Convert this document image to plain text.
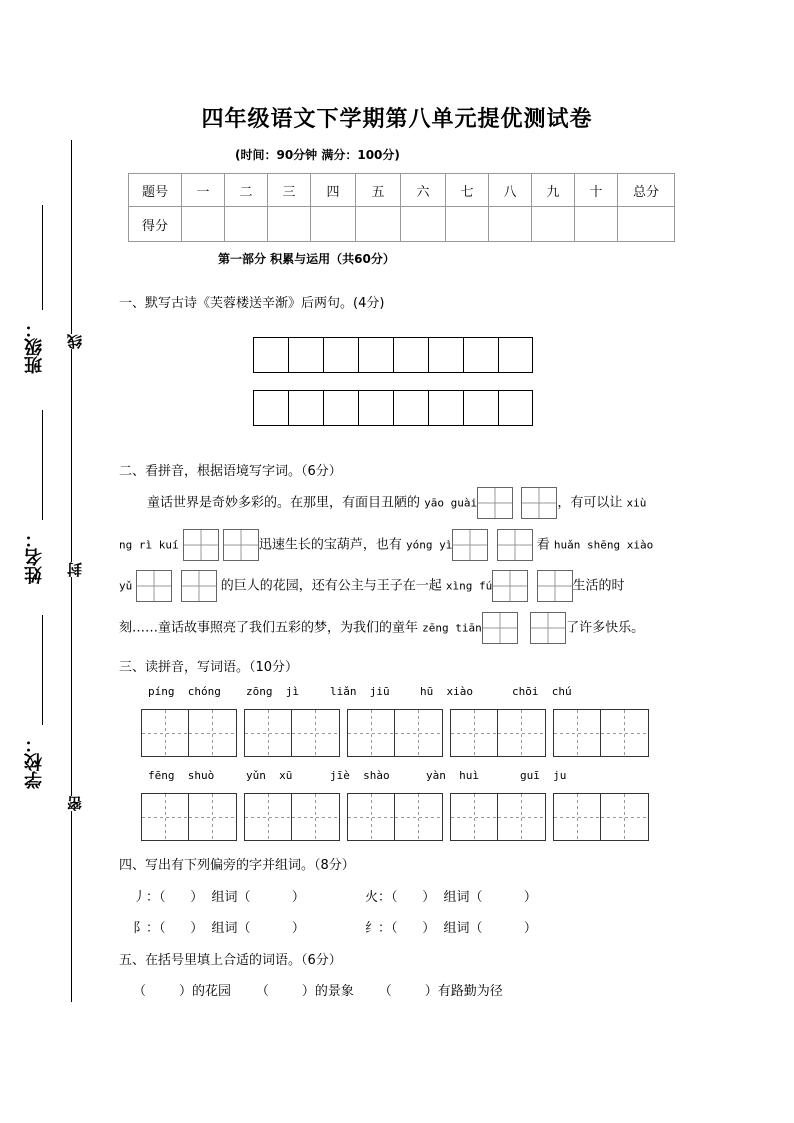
线
封
密
班级：
姓名：
学校：
四年级语文下学期第八单元提优测试卷
(时间：90分钟 满分：100分)
题号	一	二	三	四	五	六	七	八	九	十	总分
得分											
第一部分 积累与运用（共60分）
一、默写古诗《芙蓉楼送辛渐》后两句。(4分)
二、看拼音，根据语境写字词。（6分）
童话世界是奇妙多彩的。在那里，有面目丑陋的 yāo guài	，有可以让 xiù
ng rì kuí	迅速生长的宝葫芦，也有 yóng yì	看 huǎn shēng xiào
yǔ	的巨人的花园，还有公主与王子在一起 xìng fú	生活的时
刻……童话故事照亮了我们五彩的梦，为我们的童年 zēng tiān	了许多快乐。
三、读拼音，写词语。（10分）
píng  chóng zōng  jì	liǎn  jiū	hū  xiào	chōi  chú
fēng  shuò	yǔn  xū	jīè  shào	yàn  huì	guī  ju
四、写出有下列偏旁的字并组词。（8分）
丿：（      ）  组词（          ）	火：（      ）  组词（          ）
阝：（      ）  组词（          ）	纟：（      ）  组词（          ）
五、在括号里填上合适的词语。（6分）
（        ）的花园      （        ）的景象      （        ）有路勤为径
